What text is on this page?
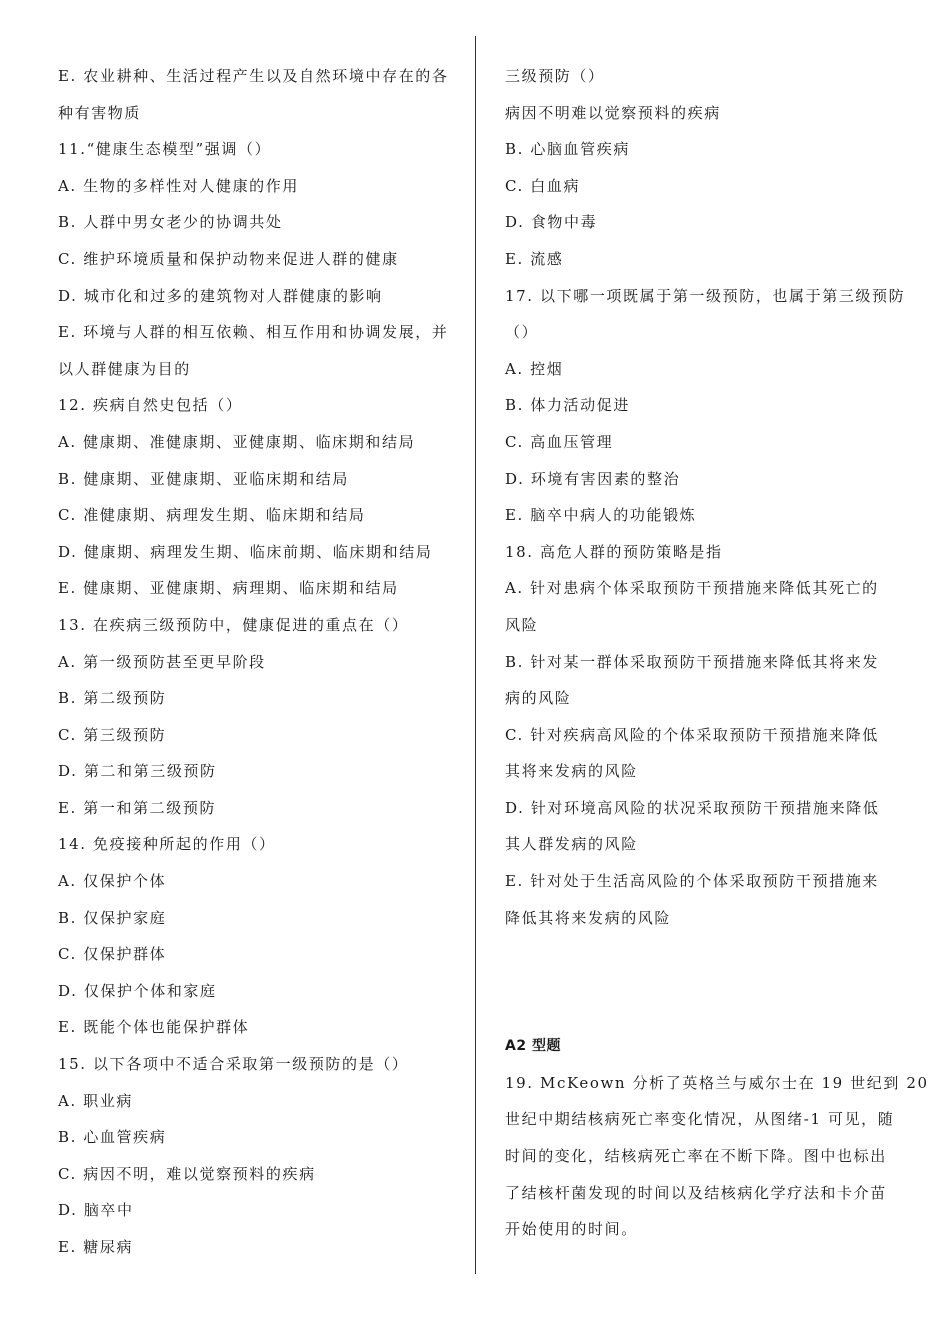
E. 农业耕种、生活过程产生以及自然环境中存在的各
种有害物质
11.“健康生态模型”强调（）
A. 生物的多样性对人健康的作用
B. 人群中男女老少的协调共处
C. 维护环境质量和保护动物来促进人群的健康
D. 城市化和过多的建筑物对人群健康的影响
E. 环境与人群的相互依赖、相互作用和协调发展，并
以人群健康为目的
12. 疾病自然史包括（）
A. 健康期、准健康期、亚健康期、临床期和结局
B. 健康期、亚健康期、亚临床期和结局
C. 准健康期、病理发生期、临床期和结局
D. 健康期、病理发生期、临床前期、临床期和结局
E. 健康期、亚健康期、病理期、临床期和结局
13. 在疾病三级预防中，健康促进的重点在（）
A. 第一级预防甚至更早阶段
B. 第二级预防
C. 第三级预防
D. 第二和第三级预防
E. 第一和第二级预防
14. 免疫接种所起的作用（）
A. 仅保护个体
B. 仅保护家庭
C. 仅保护群体
D. 仅保护个体和家庭
E. 既能个体也能保护群体
15. 以下各项中不适合采取第一级预防的是（）
A. 职业病
B. 心血管疾病
C. 病因不明，难以觉察预料的疾病
D. 脑卒中
E. 糖尿病
三级预防（）
病因不明难以觉察预料的疾病
B. 心脑血管疾病
C. 白血病
D. 食物中毒
E. 流感
17. 以下哪一项既属于第一级预防，也属于第三级预防
（）
A. 控烟
B. 体力活动促进
C. 高血压管理
D. 环境有害因素的整治
E. 脑卒中病人的功能锻炼
18. 高危人群的预防策略是指
A. 针对患病个体采取预防干预措施来降低其死亡的
风险
B. 针对某一群体采取预防干预措施来降低其将来发
病的风险
C. 针对疾病高风险的个体采取预防干预措施来降低
其将来发病的风险
D. 针对环境高风险的状况采取预防干预措施来降低
其人群发病的风险
E. 针对处于生活高风险的个体采取预防干预措施来
降低其将来发病的风险
A2 型题
19. McKeown 分析了英格兰与威尔士在 19 世纪到 20
世纪中期结核病死亡率变化情况，从图绪-1 可见，随
时间的变化，结核病死亡率在不断下降。图中也标出
了结核杆菌发现的时间以及结核病化学疗法和卡介苗
开始使用的时间。
